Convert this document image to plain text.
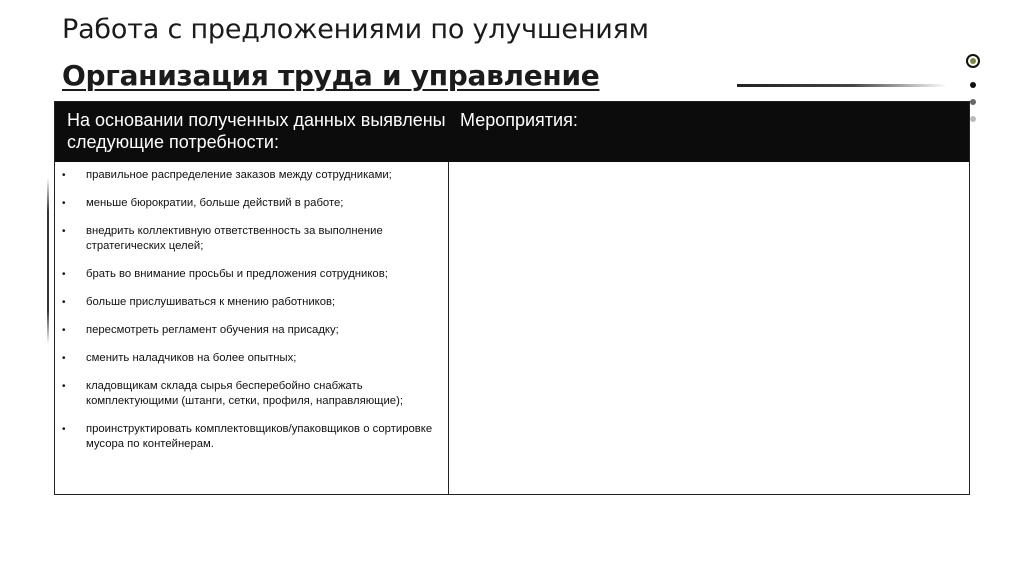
Работа с предложениями по улучшениям
Организация труда и управление
На основании полученных данных выявлены следующие потребности:
Мероприятия:
• правильное распределение заказов между сотрудниками;
• меньше бюрократии, больше действий в работе;
• внедрить коллективную ответственность за выполнение стратегических целей;
• брать во внимание просьбы и предложения сотрудников;
• больше прислушиваться к мнению работников;
• пересмотреть регламент обучения на присадку;
• сменить наладчиков на более опытных;
• кладовщикам склада сырья бесперебойно снабжать комплектующими (штанги, сетки, профиля, направляющие);
• проинструктировать комплектовщиков/упаковщиков о сортировке мусора по контейнерам.
